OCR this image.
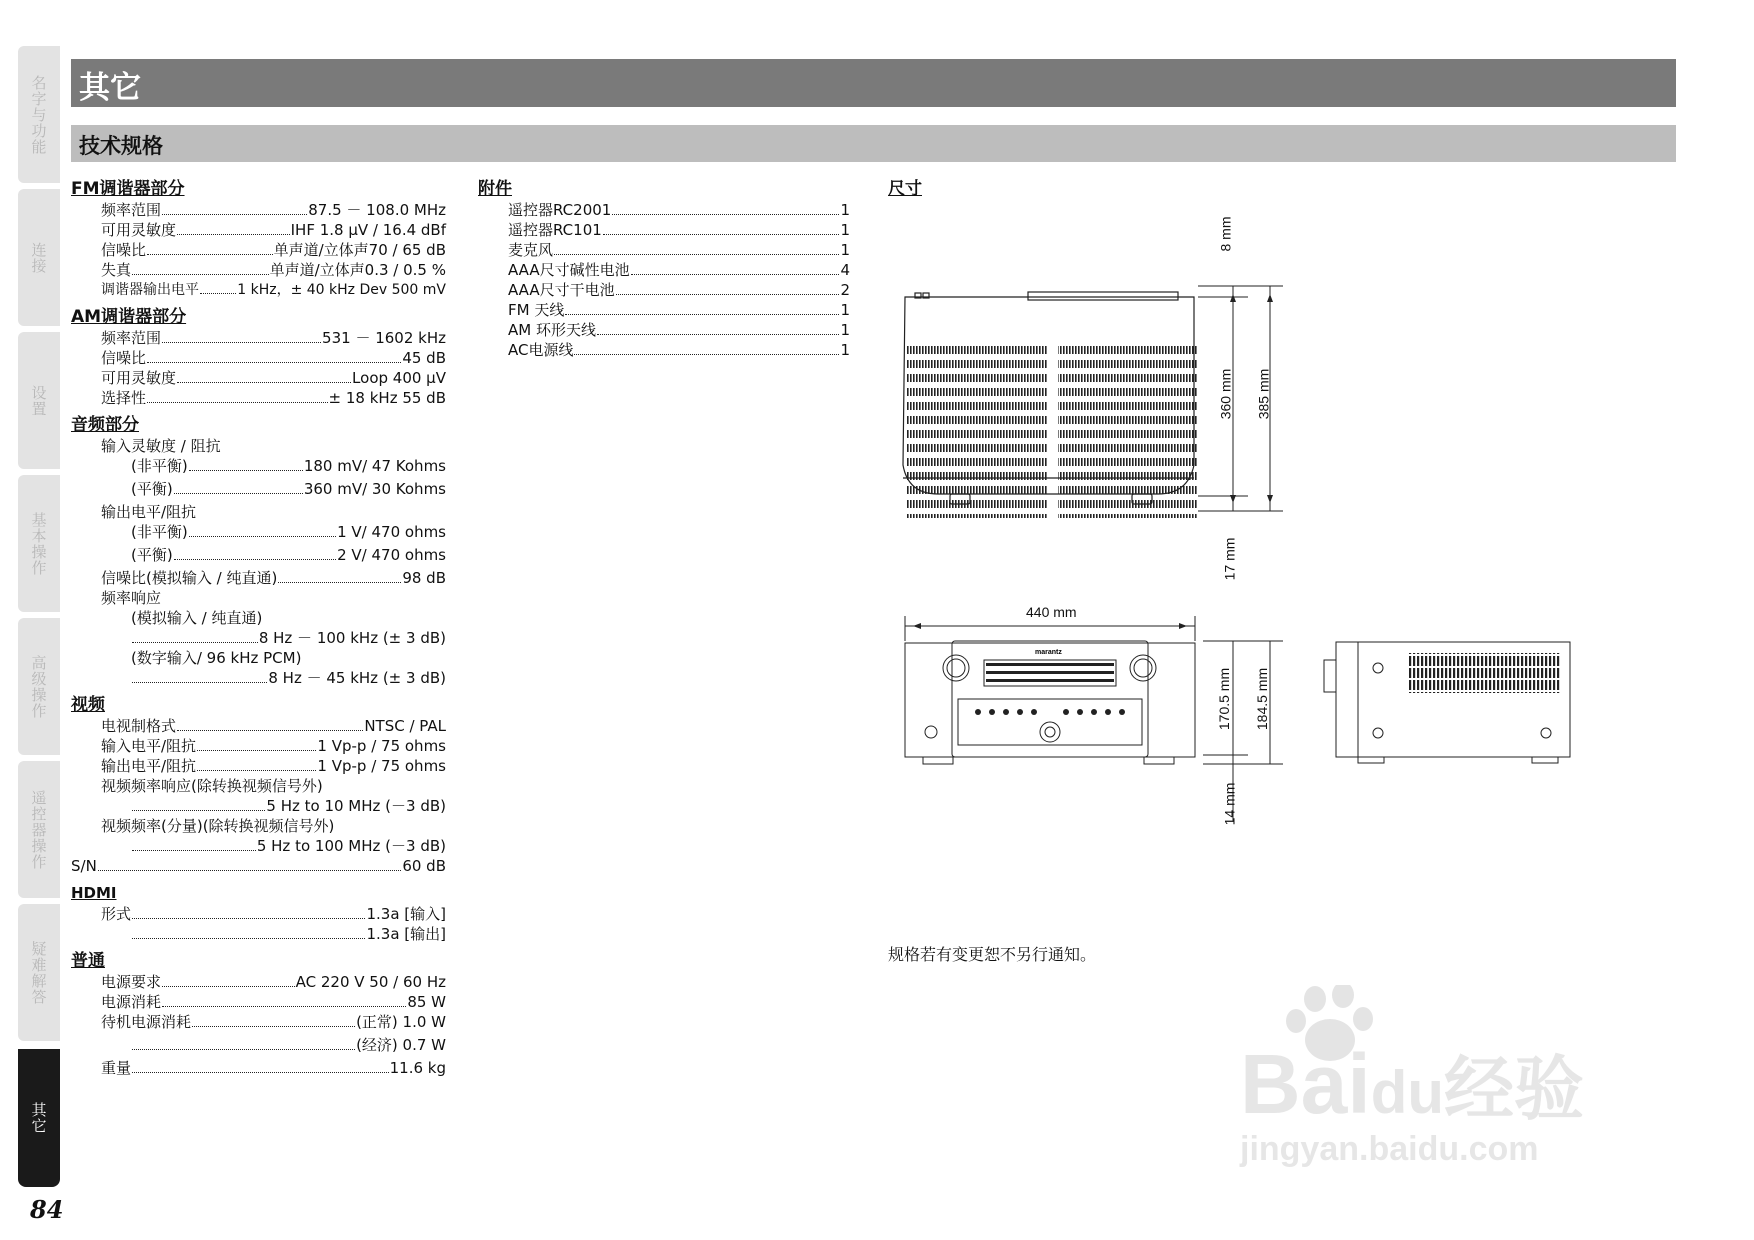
名字与功能
连接
设置
基本操作
高级操作
遥控器操作
疑难解答
其它
84
其它
技术规格
FM调谐器部分
频率范围	87.5 － 108.0 MHz
可用灵敏度	IHF 1.8 μV / 16.4 dBf
信噪比	单声道/立体声70 / 65 dB
失真	单声道/立体声0.3 / 0.5 %
调谐器输出电平	1 kHz，± 40 kHz Dev 500 mV
AM调谐器部分
频率范围	531 － 1602 kHz
信噪比	45 dB
可用灵敏度	Loop 400 μV
选择性	± 18 kHz 55 dB
音频部分
输入灵敏度 / 阻抗
(非平衡)	180 mV/ 47 Kohms
(平衡)	360 mV/ 30 Kohms
输出电平/阻抗
(非平衡)	1 V/ 470 ohms
(平衡)	2 V/ 470 ohms
信噪比(模拟输入 / 纯直通)	98 dB
频率响应
(模拟输入 / 纯直通)
8 Hz － 100 kHz (± 3 dB)
(数字输入/ 96 kHz PCM)
8 Hz － 45 kHz (± 3 dB)
视频
电视制格式	NTSC / PAL
输入电平/阻抗	1 Vp-p / 75 ohms
输出电平/阻抗	1 Vp-p / 75 ohms
视频频率响应(除转换视频信号外)
5 Hz to 10 MHz (－3 dB)
视频频率(分量)(除转换视频信号外)
5 Hz to 100 MHz (－3 dB)
S/N	60 dB
HDMI
形式	1.3a [输入]
1.3a [输出]
普通
电源要求	AC 220 V 50 / 60 Hz
电源消耗	85 W
待机电源消耗	(正常) 1.0 W
(经济) 0.7 W
重量	11.6 kg
附件
遥控器RC2001	1
遥控器RC101	1
麦克风	1
AAA尺寸碱性电池	4
AAA尺寸干电池	2
FM 天线	1
AM 环形天线	1
AC电源线	1
尺寸
marantz
8 mm
360 mm 385 mm
17 mm
440 mm
170.5 mm 184.5 mm
14 mm
规格若有变更恕不另行通知。
Baidu经验
jingyan.baidu.com
